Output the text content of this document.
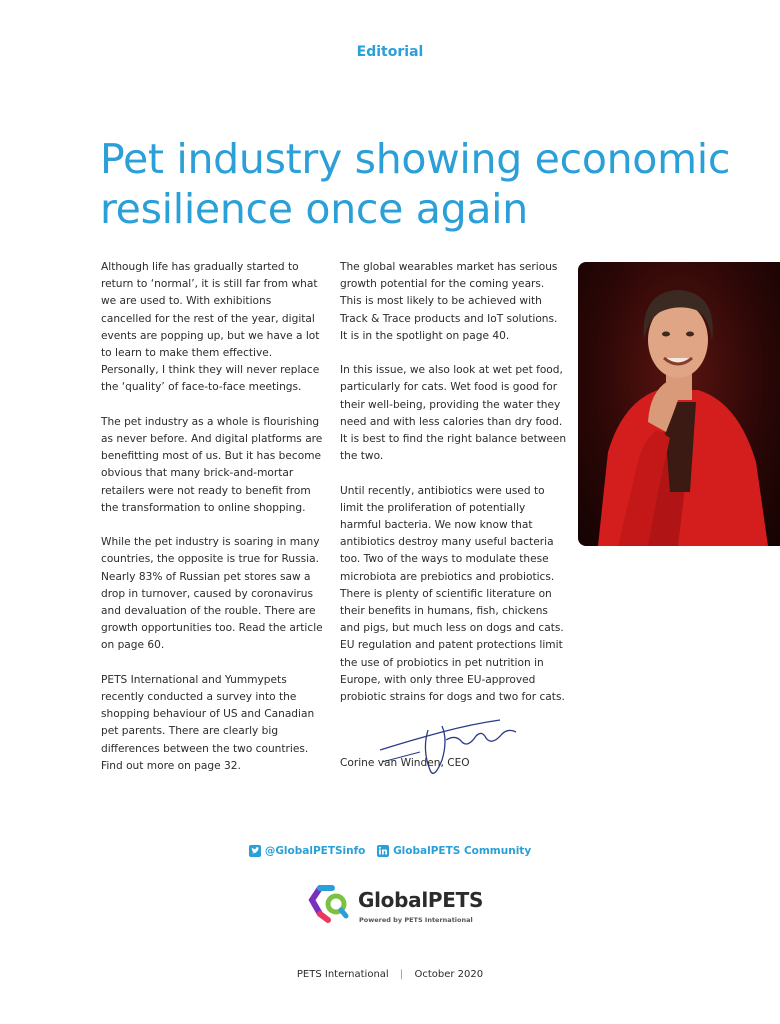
Editorial
Pet industry showing economic
resilience once again

Although life has gradually started to return to ‘normal’, it is still far from what we are used to. With exhibitions cancelled for the rest of the year, digital events are popping up, but we have a lot to learn to make them effective. Personally, I think they will never replace the ‘quality’ of face-to-face meetings.

The pet industry as a whole is flourishing as never before. And digital platforms are benefitting most of us. But it has become obvious that many brick-and-mortar retailers were not ready to benefit from the transformation to online shopping.

While the pet industry is soaring in many countries, the opposite is true for Russia. Nearly 83% of Russian pet stores saw a drop in turnover, caused by coronavirus and devaluation of the rouble. There are growth opportunities too. Read the article on page 60.

PETS International and Yummypets recently conducted a survey into the shopping behaviour of US and Canadian pet parents. There are clearly big differences between the two countries. Find out more on page 32.

The global wearables market has serious growth potential for the coming years. This is most likely to be achieved with Track & Trace products and IoT solutions. It is in the spotlight on page 40.

In this issue, we also look at wet pet food, particularly for cats. Wet food is good for their well-being, providing the water they need and with less calories than dry food. It is best to find the right balance between the two.

Until recently, antibiotics were used to limit the proliferation of potentially harmful bacteria. We now know that antibiotics destroy many useful bacteria too. Two of the ways to modulate these microbiota are prebiotics and probiotics. There is plenty of scientific literature on their benefits in humans, fish, chickens and pigs, but much less on dogs and cats. EU regulation and patent protections limit the use of probiotics in pet nutrition in Europe, with only three EU-approved probiotic strains for dogs and two for cats.

Corine van Winden, CEO
@GlobalPETSinfo
	GlobalPETS Community
GlobalPETS
Powered by PETS International
PETS International | October 2020
